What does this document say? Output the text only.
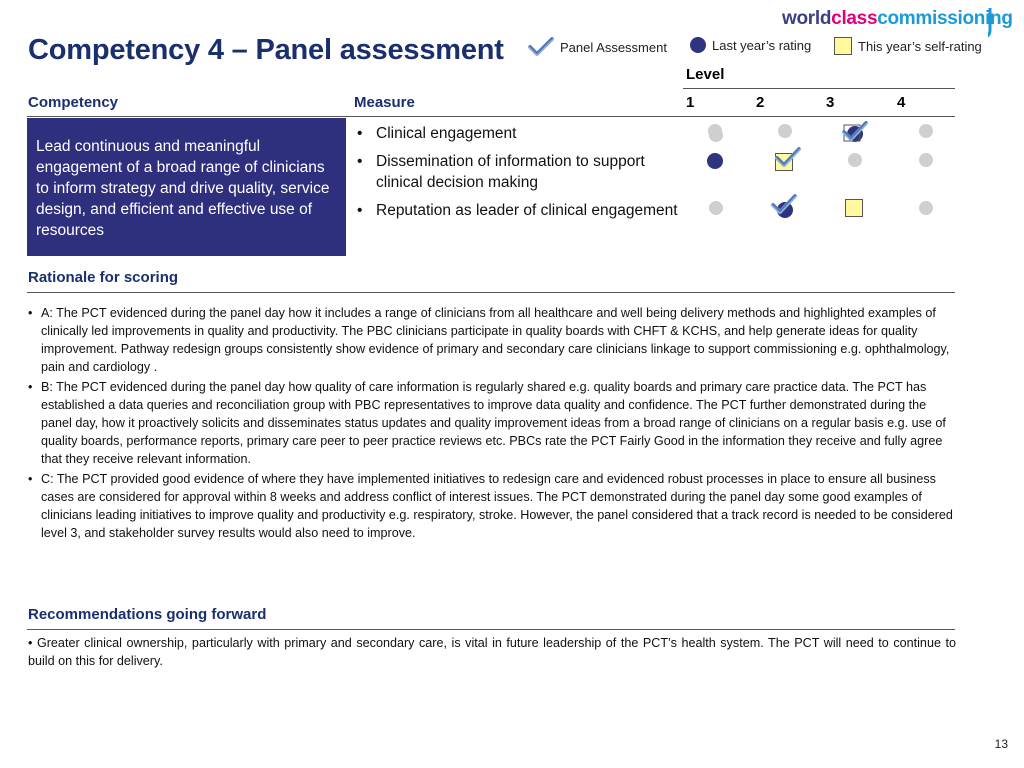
Competency 4 – Panel assessment
worldclasscommissioning
Panel Assessment	Last year’s rating	This year’s self-rating
Level
Competency	Measure	1	2	3	4
Lead continuous and meaningful engagement of a broad range of clinicians to inform strategy and drive quality, service design, and efficient and effective use of resources
• Clinical engagement
• Dissemination of information to support clinical decision making
• Reputation as leader of clinical engagement
Rationale for scoring
• A: The PCT evidenced during the panel day how it includes a range of clinicians from all healthcare and well being delivery methods and highlighted examples of clinically led improvements in quality and productivity. The PBC clinicians participate in quality boards with CHFT & KCHS, and help generate ideas for quality improvement. Pathway redesign groups consistently show evidence of primary and secondary care clinicians linkage to support commissioning e.g. ophthalmology, pain and cardiology .
• B: The PCT evidenced during the panel day how quality of care information is regularly shared e.g. quality boards and primary care practice data. The PCT has established a data queries and reconciliation group with PBC representatives to improve data quality and confidence. The PCT further demonstrated during the panel day, how it proactively solicits and disseminates status updates and quality improvement ideas from a broad range of clinicians on a regular basis e.g. use of quality boards, performance reports, primary care peer to peer practice reviews etc. PBCs rate the PCT Fairly Good in the information they receive and fully agree that they receive relevant information.
• C: The PCT provided good evidence of where they have implemented initiatives to redesign care and evidenced robust processes in place to ensure all business cases are considered for approval within 8 weeks and address conflict of interest issues. The PCT demonstrated during the panel day some good examples of clinicians leading initiatives to improve quality and productivity e.g. respiratory, stroke. However, the panel considered that a track record is needed to be considered level 3, and stakeholder survey results would also need to improve.
Recommendations going forward
• Greater clinical ownership, particularly with primary and secondary care, is vital in future leadership of the PCT’s health system. The PCT will need to continue to build on this for delivery.
13
